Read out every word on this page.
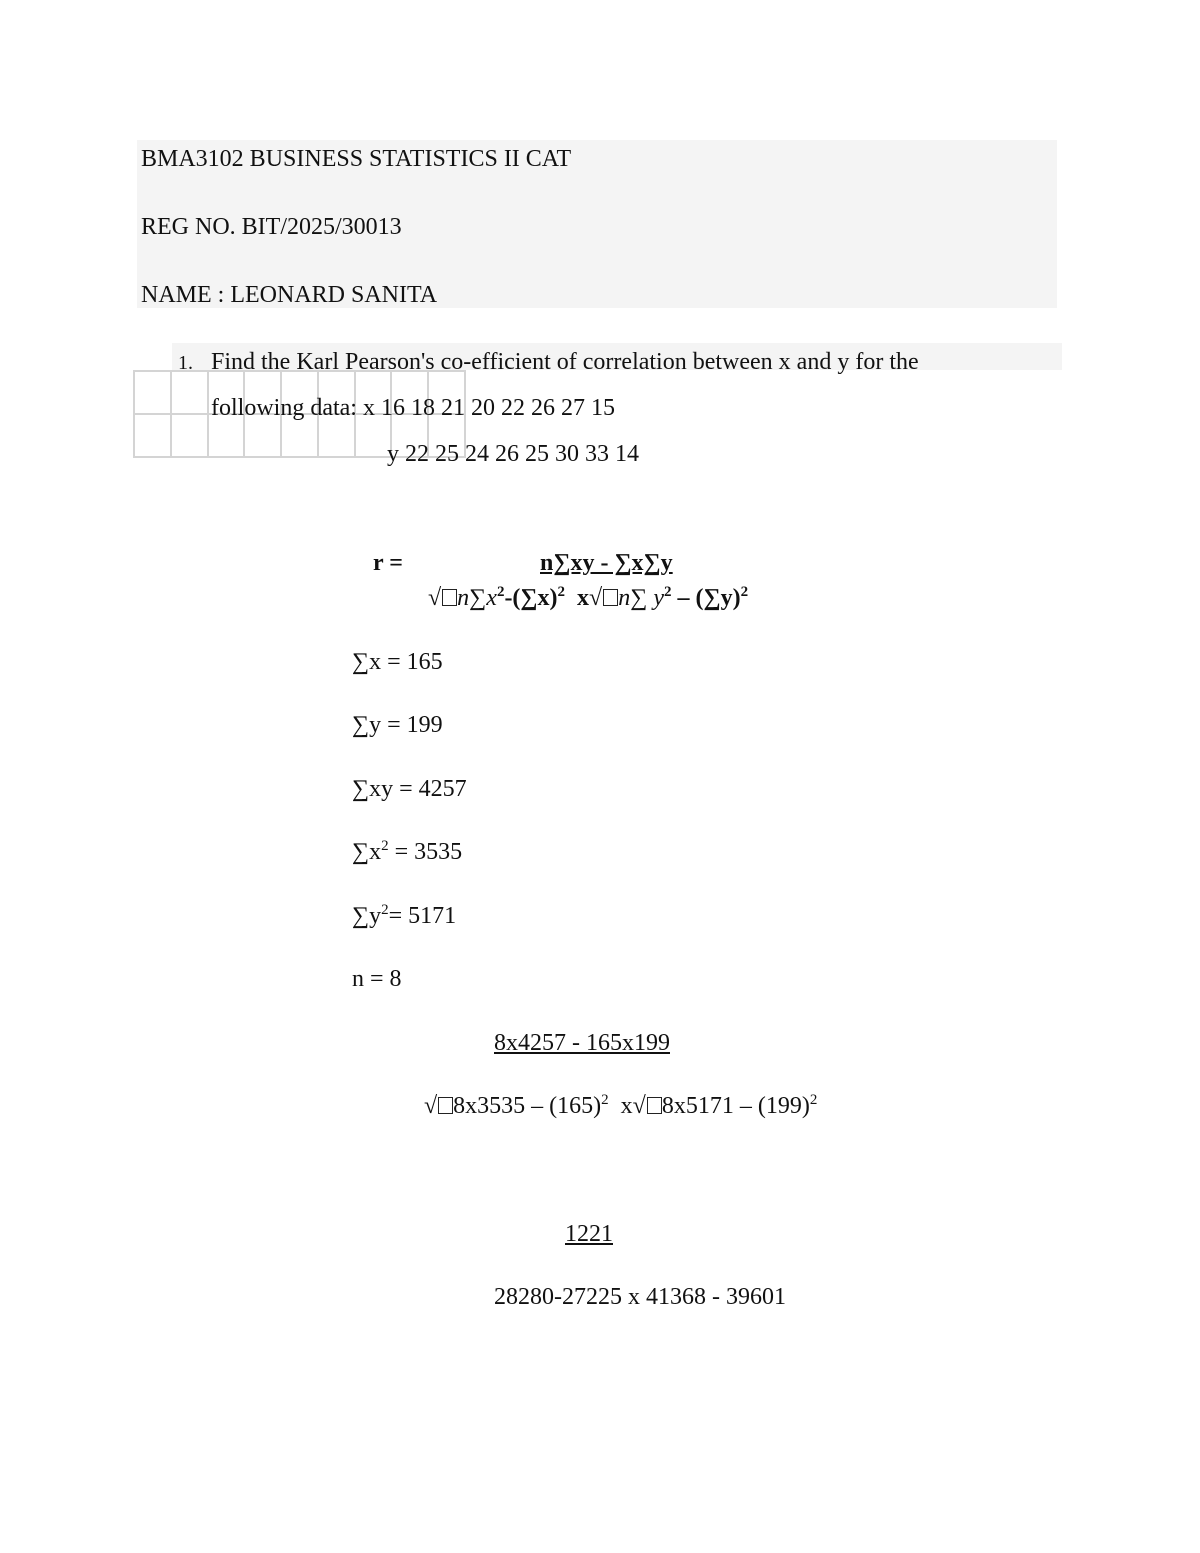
BMA3102 BUSINESS STATISTICS II CAT
REG NO. BIT/2025/30013
NAME : LEONARD SANITA

1. Find the Karl Pearson's co-efficient of correlation between x and y for the
following data: x 16 18 21 20 22 26 27 15
y 22 25 24 26 25 30 33 14
r =	n∑xy - ∑x∑y
√ $n\sum x^2-(\sum x)^2$ x√ n∑ $y^2 - (\sum y)^2$
∑x = 165
∑y = 199
∑xy = 4257
$\sum x^2 = 3535$
$\sum y^2= 5171$
n = 8
8x4257 - 165x199
√ $8x3535 - (165)^2$ x√ $8x5171 - (199)^2$
1221
28280-27225 x 41368 - 39601
